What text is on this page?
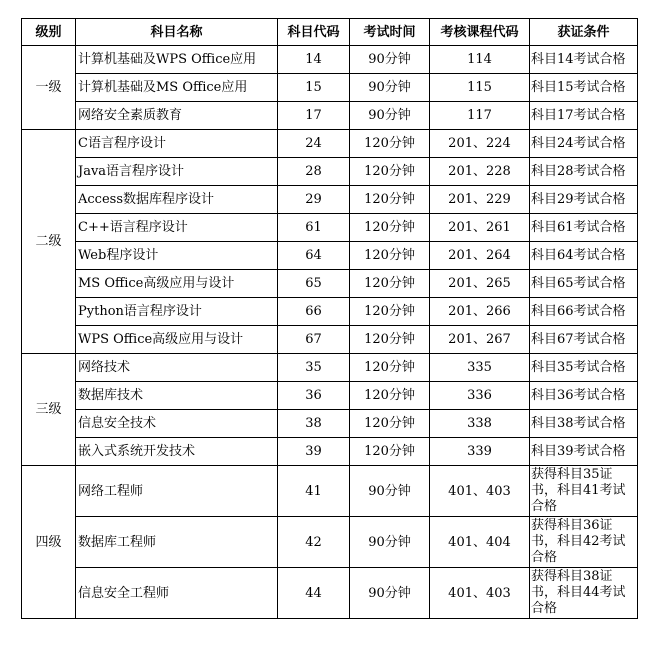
级别	科目名称	科目代码	考试时间	考核课程代码	获证条件
一级	计算机基础及WPS Office应用	14	90分钟	114	科目14考试合格
	计算机基础及MS Office应用	15	90分钟	115	科目15考试合格
	网络安全素质教育	17	90分钟	117	科目17考试合格
二级	C语言程序设计	24	120分钟	201、224	科目24考试合格
	Java语言程序设计	28	120分钟	201、228	科目28考试合格
	Access数据库程序设计	29	120分钟	201、229	科目29考试合格
	C++语言程序设计	61	120分钟	201、261	科目61考试合格
	Web程序设计	64	120分钟	201、264	科目64考试合格
	MS Office高级应用与设计	65	120分钟	201、265	科目65考试合格
	Python语言程序设计	66	120分钟	201、266	科目66考试合格
	WPS Office高级应用与设计	67	120分钟	201、267	科目67考试合格
三级	网络技术	35	120分钟	335	科目35考试合格
	数据库技术	36	120分钟	336	科目36考试合格
	信息安全技术	38	120分钟	338	科目38考试合格
	嵌入式系统开发技术	39	120分钟	339	科目39考试合格
四级	网络工程师	41	90分钟	401、403	获得科目35证书，科目41考试合格
	数据库工程师	42	90分钟	401、404	获得科目36证书，科目42考试合格
	信息安全工程师	44	90分钟	401、403	获得科目38证书，科目44考试合格
